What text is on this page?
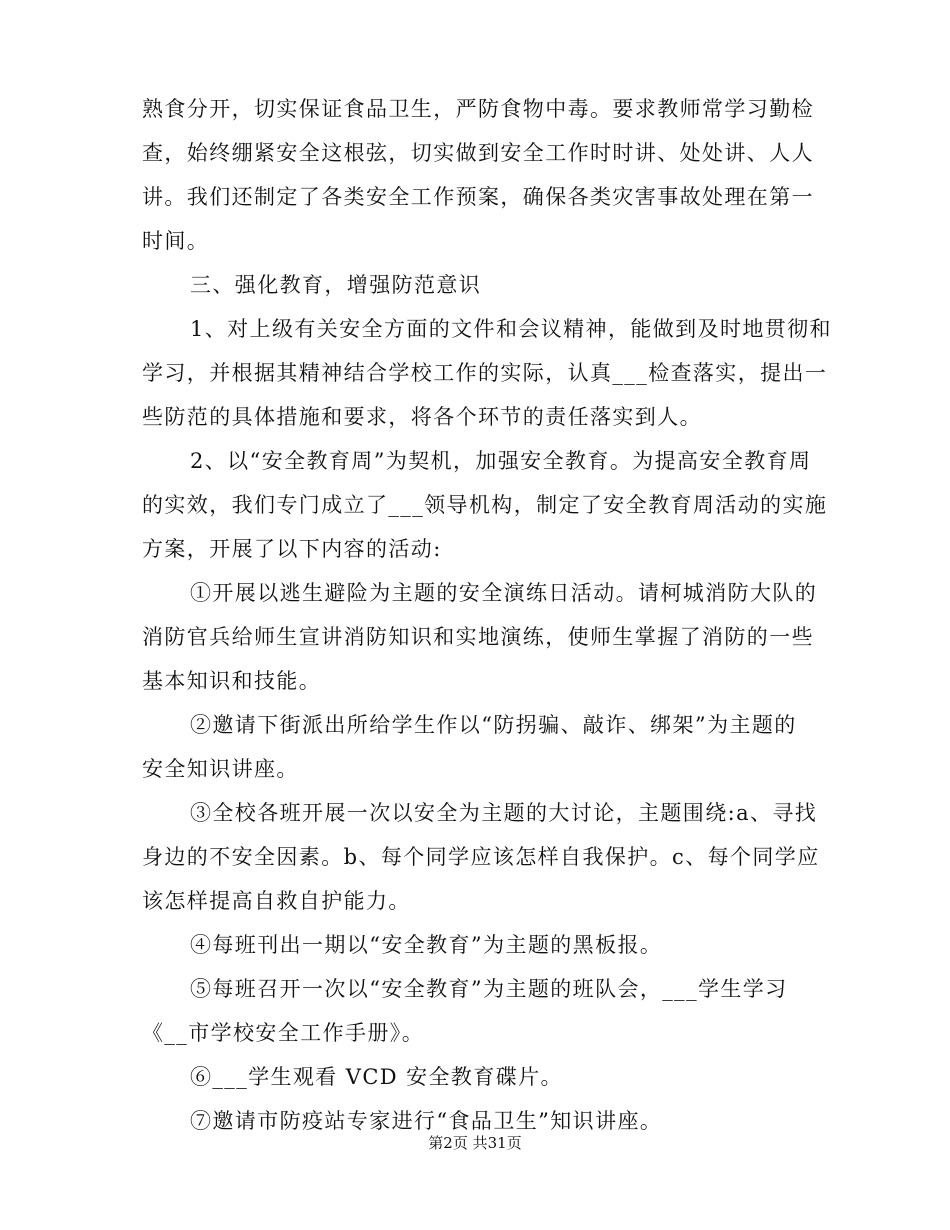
熟食分开，切实保证食品卫生，严防食物中毒。要求教师常学习勤检
查，始终绷紧安全这根弦，切实做到安全工作时时讲、处处讲、人人
讲。我们还制定了各类安全工作预案，确保各类灾害事故处理在第一
时间。
三、强化教育，增强防范意识
1、对上级有关安全方面的文件和会议精神，能做到及时地贯彻和
学习，并根据其精神结合学校工作的实际，认真___检查落实，提出一
些防范的具体措施和要求，将各个环节的责任落实到人。
2、以“安全教育周”为契机，加强安全教育。为提高安全教育周
的实效，我们专门成立了___领导机构，制定了安全教育周活动的实施
方案，开展了以下内容的活动:
①开展以逃生避险为主题的安全演练日活动。请柯城消防大队的
消防官兵给师生宣讲消防知识和实地演练，使师生掌握了消防的一些
基本知识和技能。
②邀请下街派出所给学生作以“防拐骗、敲诈、绑架”为主题的
安全知识讲座。
③全校各班开展一次以安全为主题的大讨论，主题围绕:a、寻找
身边的不安全因素。b、每个同学应该怎样自我保护。c、每个同学应
该怎样提高自救自护能力。
④每班刊出一期以“安全教育”为主题的黑板报。
⑤每班召开一次以“安全教育”为主题的班队会，___学生学习
《__市学校安全工作手册》。
⑥___学生观看 VCD 安全教育碟片。
⑦邀请市防疫站专家进行“食品卫生”知识讲座。
第2页 共31页
